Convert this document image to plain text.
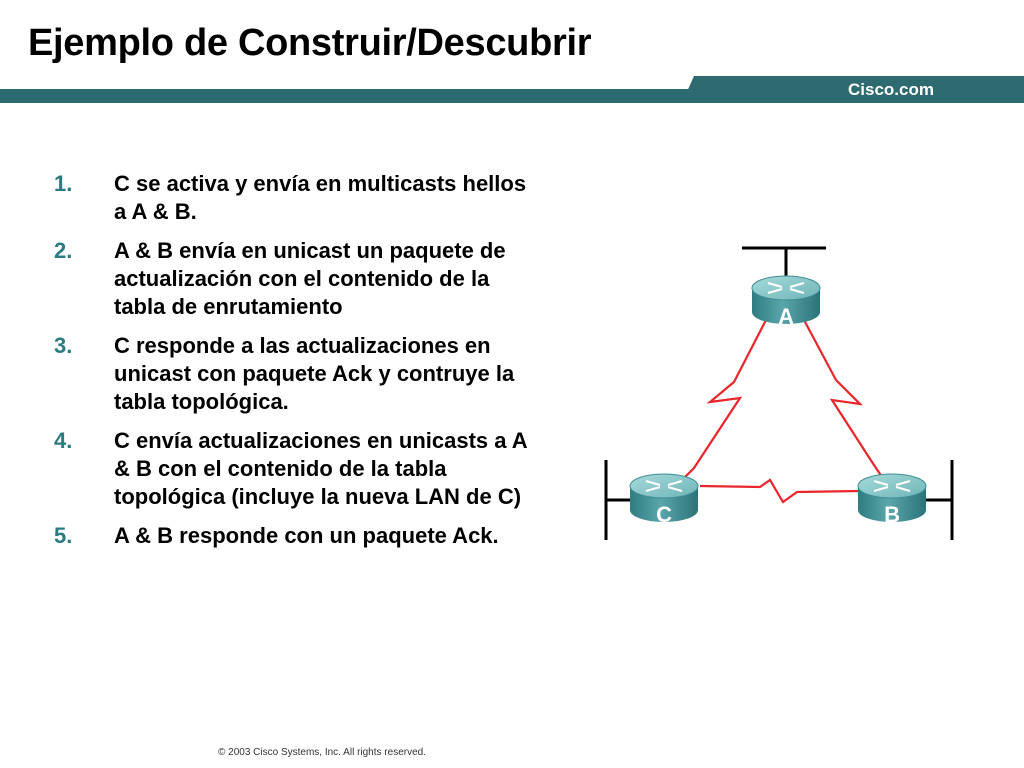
Ejemplo de Construir/Descubrir
Cisco.com
1.	C se activa y envía en multicasts hellos a A & B.
2.	A & B envía en unicast un paquete de actualización con el contenido de la tabla de enrutamiento
3.	C responde a las actualizaciones en unicast con paquete Ack y contruye la tabla topológica.
4.	C envía actualizaciones en unicasts a A & B con el contenido de la tabla topológica (incluye la nueva LAN de C)
5.	A & B responde con un paquete Ack.
A
C	B
© 2003 Cisco Systems, Inc. All rights reserved.
